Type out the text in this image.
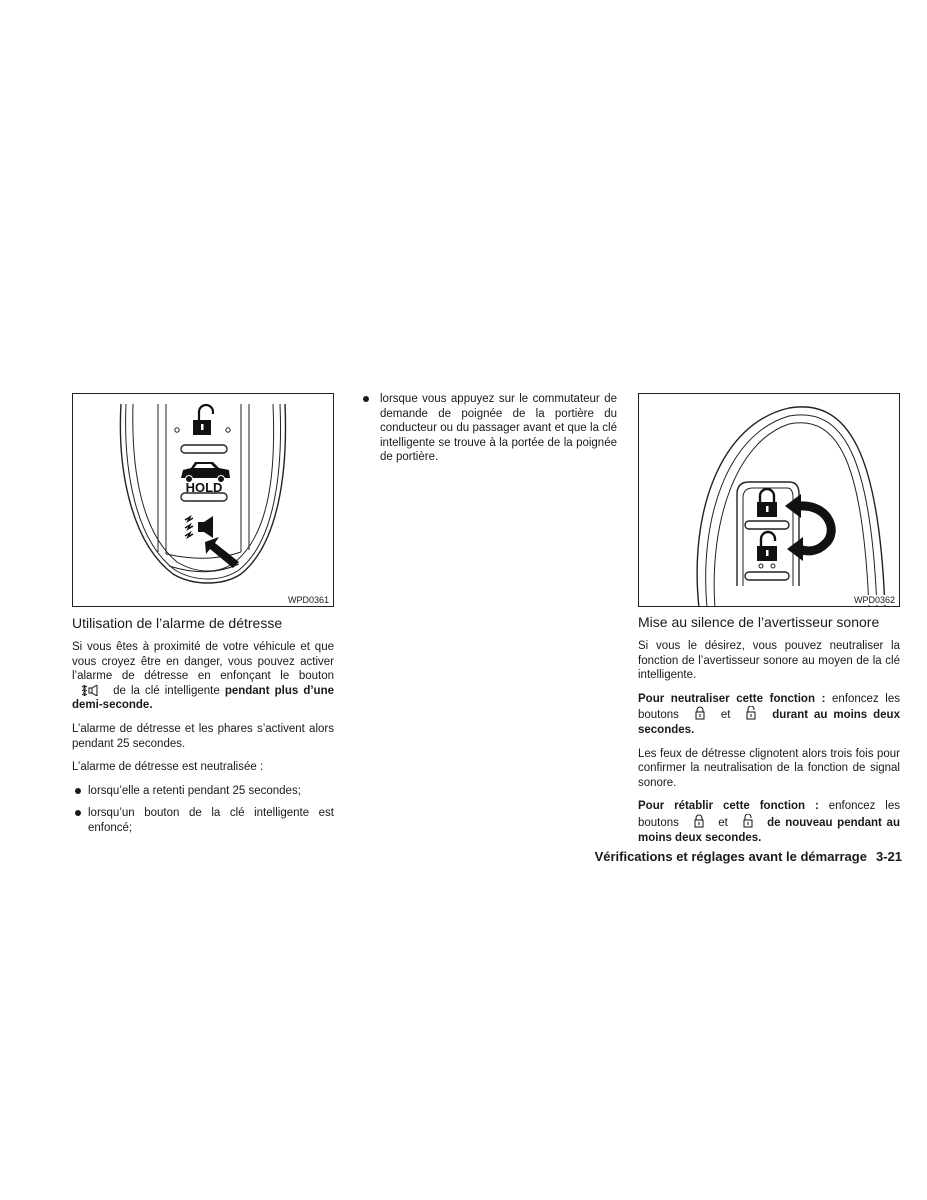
HOLD
WPD0361
Utilisation de l’alarme de détresse

Si vous êtes à proximité de votre véhicule et que vous croyez être en danger, vous pouvez activer l’alarme de détresse en enfonçant le bouton  de la clé intelligente pendant plus d’une demi-seconde.

L’alarme de détresse et les phares s’activent alors pendant 25 secondes.

L’alarme de détresse est neutralisée :

lorsqu’elle a retenti pendant 25 secondes;
lorsqu’un bouton de la clé intelligente est enfoncé;
lorsque vous appuyez sur le commutateur de demande de poignée de la portière du conducteur ou du passager avant et que la clé intelligente se trouve à la portée de la poignée de portière.
WPD0362
Mise au silence de l’avertisseur sonore

Si vous le désirez, vous pouvez neutraliser la fonction de l’avertisseur sonore au moyen de la clé intelligente.

Pour neutraliser cette fonction : enfoncez les boutons	et	durant au moins deux secondes.

Les feux de détresse clignotent alors trois fois pour confirmer la neutralisation de la fonction de signal sonore.

Pour rétablir cette fonction : enfoncez les boutons	et	de nouveau pendant au moins deux secondes.

Vérifications et réglages avant le démarrage 3-21
